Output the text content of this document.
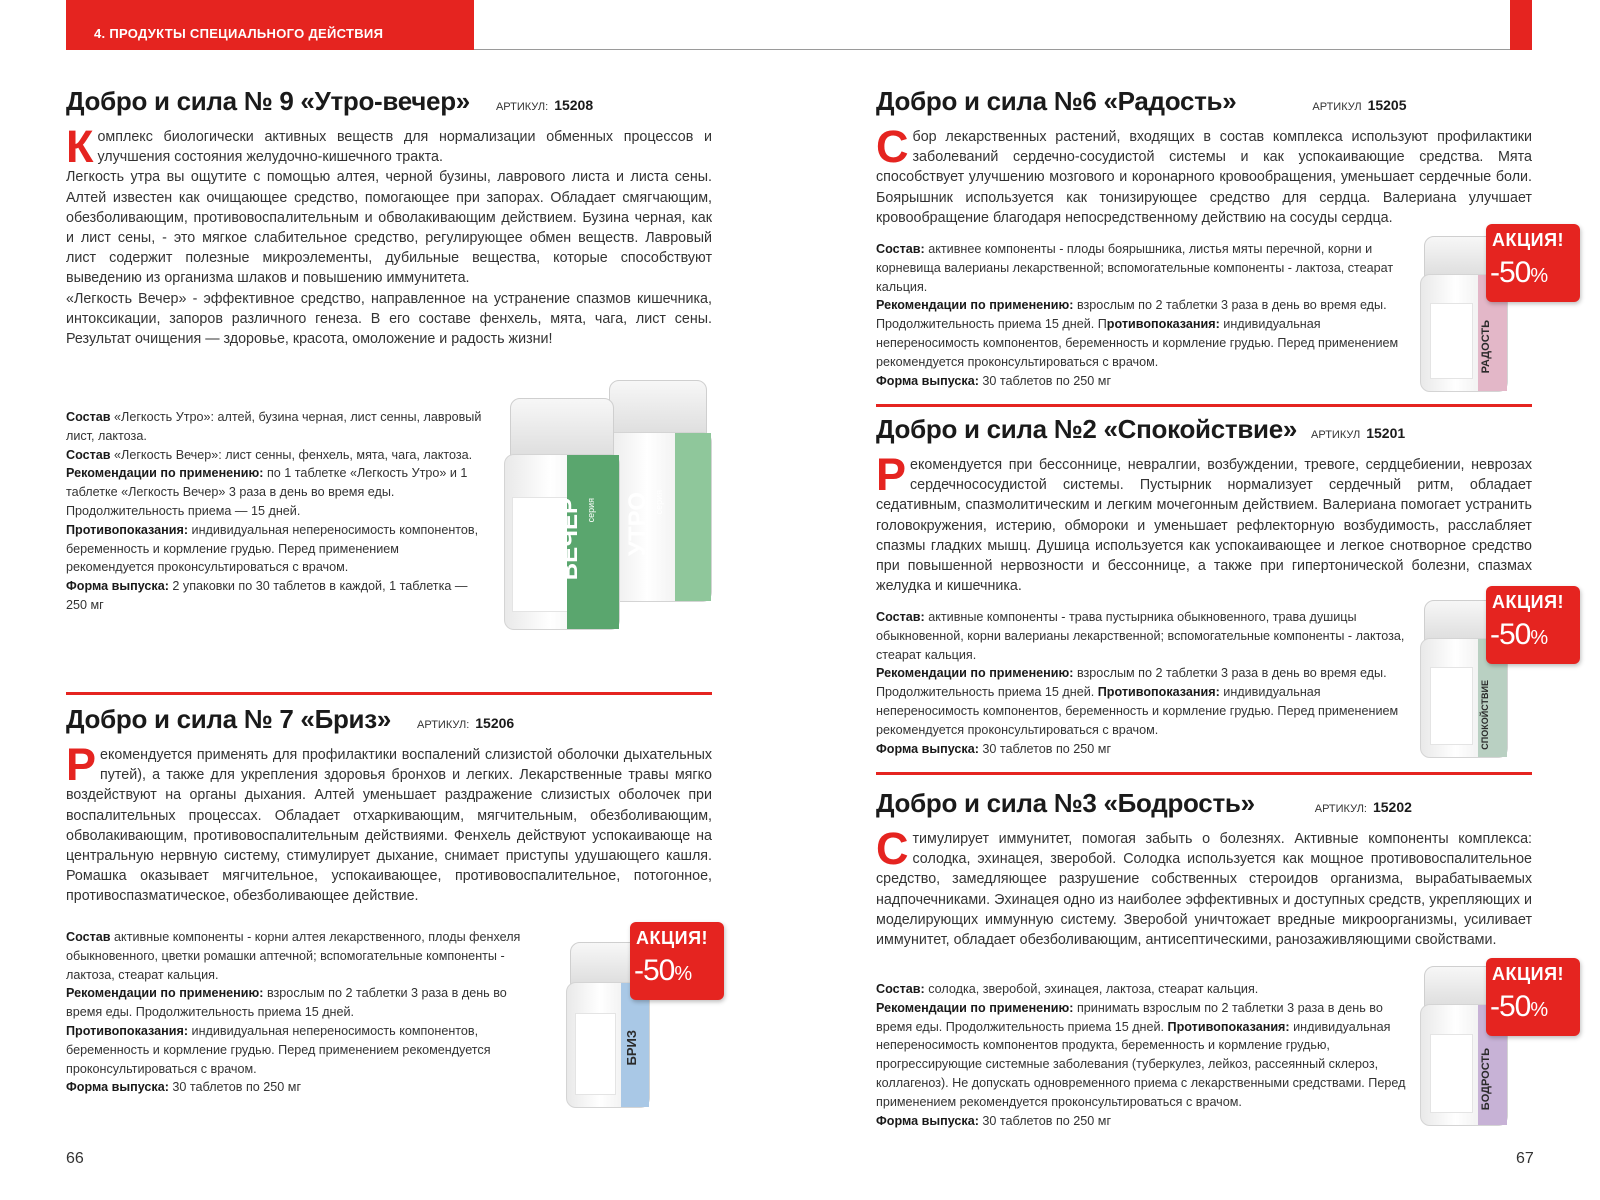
4. ПРОДУКТЫ СПЕЦИАЛЬНОГО ДЕЙСТВИЯ
Добро и сила № 9 «Утро-вечер» АРТИКУЛ: 15208
К омплекс биологически активных веществ для нормализации обменных процессов и улучшения состояния желудочно-кишечного тракта.
Легкость утра вы ощутите с помощью алтея, черной бузины, лаврового листа и листа сены. Алтей известен как очищающее средство, помогающее при запорах. Обладает смягчающим, обезболивающим, противовоспалительным и обволакивающим действием. Бузина черная, как и лист сены, - это мягкое слабительное средство, регулирующее обмен веществ. Лавровый лист содержит полезные микроэлементы, дубильные вещества, которые способствуют выведению из организма шлаков и повышению иммунитета.
«Легкость Вечер» - эффективное средство, направленное на устранение спазмов кишечника, интоксикации, запоров различного генеза. В его составе фенхель, мята, чага, лист сены. Результат очищения — здоровье, красота, омоложение и радость жизни!
Состав «Легкость Утро»: алтей, бузина черная, лист сенны, лавровый лист, лактоза.
Состав «Легкость Вечер»: лист сенны, фенхель, мята, чага, лактоза.
Рекомендации по применению: по 1 таблетке «Легкость Утро» и 1 таблетке «Легкость Вечер» 3 раза в день во время еды. Продолжительность приема — 15 дней.
Противопоказания: индивидуальная непереносимость компонентов, беременность и кормление грудью. Перед применением рекомендуется проконсультироваться с врачом.
Форма выпуска: 2 упаковки по 30 таблетов в каждой, 1 таблетка — 250 мг
УТРО серия
легкость ВЕЧЕР серия
Добро и сила № 7 «Бриз» АРТИКУЛ: 15206
Р екомендуется применять для профилактики воспалений слизистой оболочки дыхательных путей), а также для укрепления здоровья бронхов и легких. Лекарственные травы мягко воздействуют на органы дыхания. Алтей уменьшает раздражение слизистых оболочек при воспалительных процессах. Обладает отхаркивающим, мягчительным, обезболивающим, обволакивающим, противовоспалительным действиями. Фенхель действуют успокаивающе на центральную нервную систему, стимулирует дыхание, снимает приступы удушающего кашля. Ромашка оказывает мягчительное, успокаивающее, противовоспалительное, потогонное, противоспазматическое, обезболивающее действие.
Состав активные компоненты - корни алтея лекарственного, плоды фенхеля обыкновенного, цветки ромашки аптечной; вспомогательные компоненты - лактоза, стеарат кальция.
Рекомендации по применению: взрослым по 2 таблетки 3 раза в день во время еды. Продолжительность приема 15 дней.
Противопоказания: индивидуальная непереносимость компонентов, беременность и кормление грудью. Перед применением рекомендуется проконсультироваться с врачом.
Форма выпуска: 30 таблетов по 250 мг
БРИЗ
АКЦИЯ!
-50%
66
Добро и сила №6 «Радость»	АРТИКУЛ 15205
С бор лекарственных растений, входящих в состав комплекса используют профилактики заболеваний сердечно-сосудистой системы и как успокаивающие средства. Мята способствует улучшению мозгового и коронарного кровообращения, уменьшает сердечные боли. Боярышник используется как тонизирующее средство для сердца. Валериана улучшает кровообращение благодаря непосредственному действию на сосуды сердца.
Состав: активнее компоненты - плоды боярышника, листья мяты перечной, корни и корневища валерианы лекарственной; вспомогательные компоненты - лактоза, стеарат кальция.
Рекомендации по применению: взрослым по 2 таблетки 3 раза в день во время еды. Продолжительность приема 15 дней. Противопоказания: индивидуальная непереносимость компонентов, беременность и кормление грудью. Перед применением рекомендуется проконсультироваться с врачом.
Форма выпуска: 30 таблетов по 250 мг
РАДОСТЬ
АКЦИЯ!
-50%
Добро и сила №2 «Спокойствие» АРТИКУЛ 15201
Р екомендуется при бессоннице, невралгии, возбуждении, тревоге, сердцебиении, неврозах сердечнососудистой системы. Пустырник нормализует сердечный ритм, обладает седативным, спазмолитическим и легким мочегонным действием. Валериана помогает устранить головокружения, истерию, обмороки и уменьшает рефлекторную возбудимость, расслабляет спазмы гладких мышц. Душица используется как успокаивающее и легкое снотворное средство при повышенной нервозности и бессоннице, а также при гипертонической болезни, спазмах желудка и кишечника.
Состав: активные компоненты - трава пустырника обыкновенного, трава душицы обыкновенной, корни валерианы лекарственной; вспомогательные компоненты - лактоза, стеарат кальция.
Рекомендации по применению: взрослым по 2 таблетки 3 раза в день во время еды. Продолжительность приема 15 дней. Противопоказания: индивидуальная непереносимость компонентов, беременность и кормление грудью. Перед применением рекомендуется проконсультироваться с врачом.
Форма выпуска: 30 таблетов по 250 мг	СПОКОЙСТВИЕ
АКЦИЯ!
-50%
Добро и сила №3 «Бодрость»	АРТИКУЛ: 15202
С тимулирует иммунитет, помогая забыть о болезнях. Активные компоненты комплекса: солодка, эхинацея, зверобой. Солодка используется как мощное противовоспалительное средство, замедляющее разрушение собственных стероидов организма, вырабатываемых надпочечниками. Эхинацея одно из наиболее эффективных и доступных средств, укрепляющих и моделирующих иммунную систему. Зверобой уничтожает вредные микроорганизмы, усиливает иммунитет, обладает обезболивающим, антисептическими, ранозаживляющими свойствами.
Состав: солодка, зверобой, эхинацея, лактоза, стеарат кальция.
Рекомендации по применению: принимать взрослым по 2 таблетки 3 раза в день во время еды. Продолжительность приема 15 дней. Противопоказания: индивидуальная непереносимость компонентов продукта, беременность и кормление грудью, прогрессирующие системные заболевания (туберкулез, лейкоз, рассеянный склероз, коллагеноз). Не допускать одновременного приема с лекарственными средствами. Перед применением рекомендуется проконсультироваться с врачом.
Форма выпуска: 30 таблетов по 250 мг
БОДРОСТЬ
АКЦИЯ!
-50%
67
